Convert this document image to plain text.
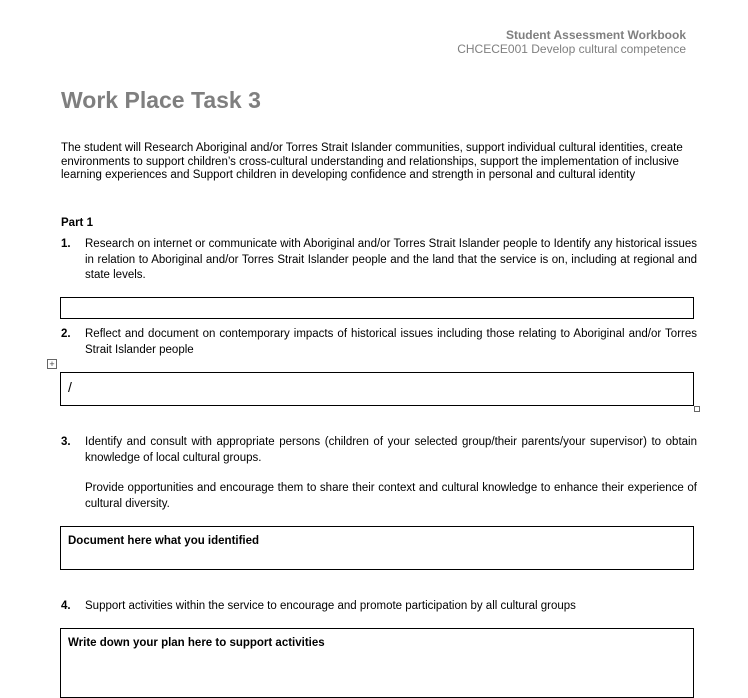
Student Assessment Workbook
CHCECE001 Develop cultural competence
Work Place Task 3
The student will Research Aboriginal and/or Torres Strait Islander communities, support individual cultural identities, create environments to support children’s cross-cultural understanding and relationships, support the implementation of inclusive learning experiences and Support children in developing confidence and strength in personal and cultural identity
Part 1
1. Research on internet or communicate with Aboriginal and/or Torres Strait Islander people to Identify any historical issues in relation to Aboriginal and/or Torres Strait Islander people and the land that the service is on, including at regional and state levels.
2. Reflect and document on contemporary impacts of historical issues including those relating to Aboriginal and/or Torres Strait Islander people
+
/
3. Identify and consult with appropriate persons (children of your selected group/their parents/your supervisor) to obtain knowledge of local cultural groups.
Provide opportunities and encourage them to share their context and cultural knowledge to enhance their experience of cultural diversity.
Document here what you identified
4. Support activities within the service to encourage and promote participation by all cultural groups
Write down your plan here to support activities
